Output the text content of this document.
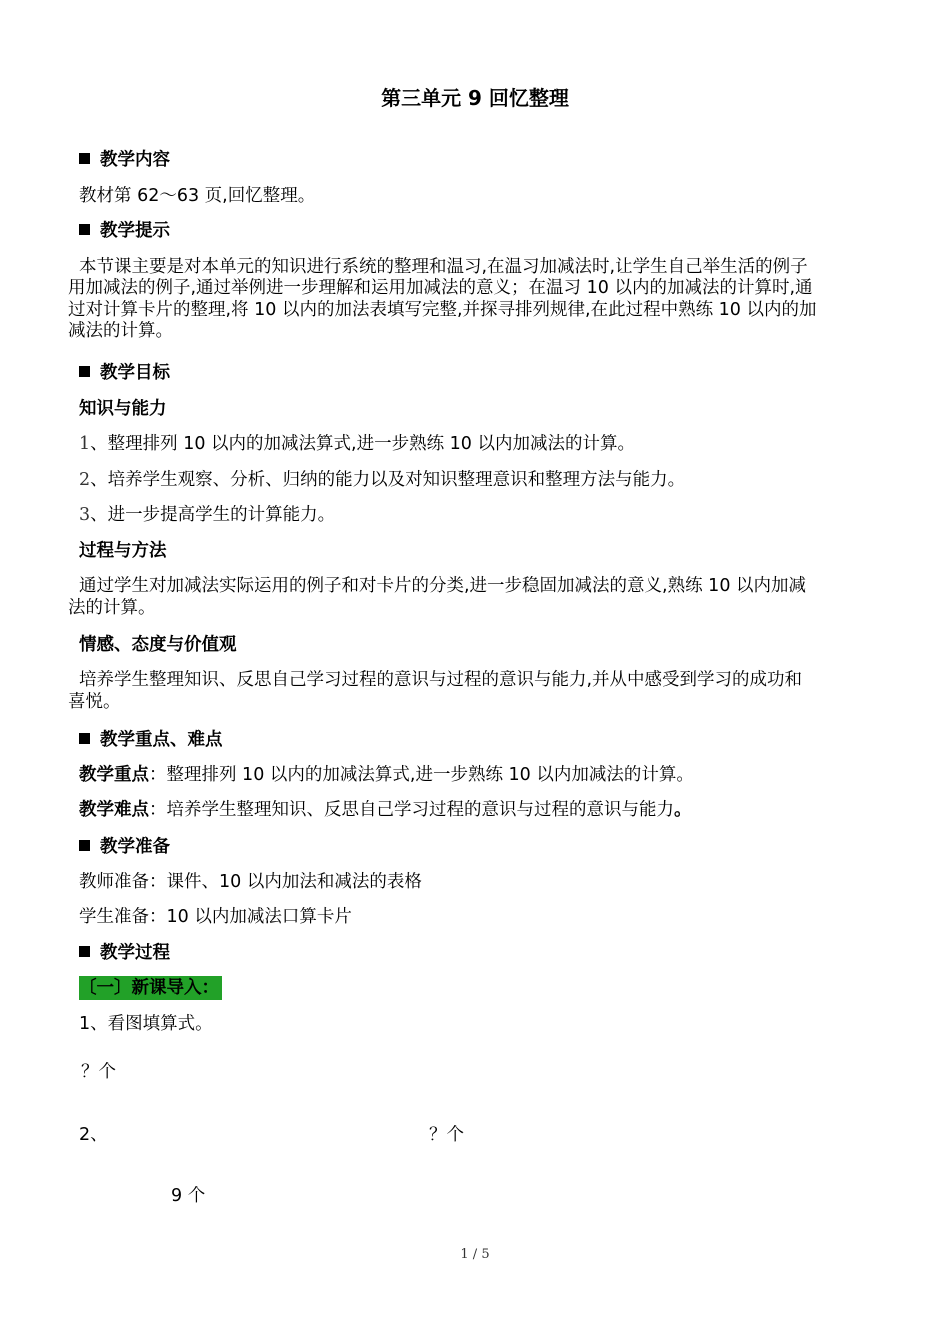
第三单元 9 回忆整理
教学内容
教材第 62～63 页,回忆整理。
教学提示
本节课主要是对本单元的知识进行系统的整理和温习,在温习加减法时,让学生自己举生活的例子
用加减法的例子,通过举例进一步理解和运用加减法的意义；在温习 10 以内的加减法的计算时,通
过对计算卡片的整理,将 10 以内的加法表填写完整,并探寻排列规律,在此过程中熟练 10 以内的加
减法的计算。
教学目标
知识与能力
1、整理排列 10 以内的加减法算式,进一步熟练 10 以内加减法的计算。
2、培养学生观察、分析、归纳的能力以及对知识整理意识和整理方法与能力。
3、进一步提高学生的计算能力。
过程与方法
通过学生对加减法实际运用的例子和对卡片的分类,进一步稳固加减法的意义,熟练 10 以内加减
法的计算。
情感、态度与价值观
培养学生整理知识、反思自己学习过程的意识与过程的意识与能力,并从中感受到学习的成功和
喜悦。
教学重点、难点
教学重点：整理排列 10 以内的加减法算式,进一步熟练 10 以内加减法的计算。
教学难点：培养学生整理知识、反思自己学习过程的意识与过程的意识与能力。
教学准备
教师准备：课件、10 以内加法和减法的表格
学生准备：10 以内加减法口算卡片
教学过程
〔一〕新课导入：
1、看图填算式。
？个
2、	？个
9 个
1 / 5
